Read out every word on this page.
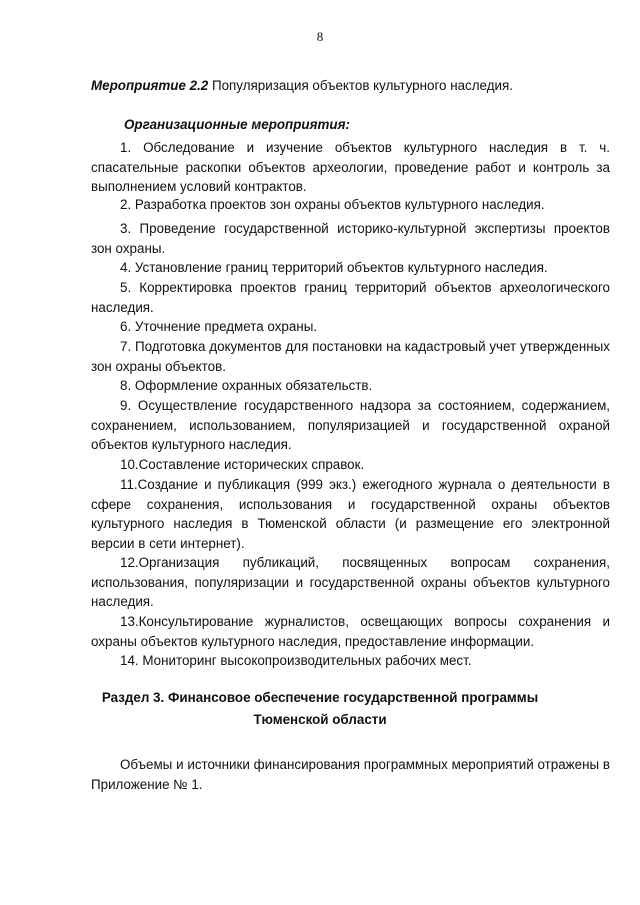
8

Мероприятие 2.2 Популяризация объектов культурного наследия.

Организационные мероприятия:

1. Обследование и изучение объектов культурного наследия в т. ч. спасательные раскопки объектов археологии, проведение работ и контроль за выполнением условий контрактов.

2. Разработка проектов зон охраны объектов культурного наследия.

3. Проведение государственной историко-культурной экспертизы проектов зон охраны.

4. Установление границ территорий объектов культурного наследия.

5. Корректировка проектов границ территорий объектов археологического наследия.

6. Уточнение предмета охраны.

7. Подготовка документов для постановки на кадастровый учет утвержденных зон охраны объектов.

8. Оформление охранных обязательств.

9. Осуществление государственного надзора за состоянием, содержанием, сохранением, использованием, популяризацией и государственной охраной объектов культурного наследия.

10.Составление исторических справок.

11.Создание и публикация (999 экз.) ежегодного журнала о деятельности в сфере сохранения, использования и государственной охраны объектов культурного наследия в Тюменской области (и размещение его электронной версии в сети интернет).

12.Организация публикаций, посвященных вопросам сохранения, использования, популяризации и государственной охраны объектов культурного наследия.

13.Консультирование журналистов, освещающих вопросы сохранения и охраны объектов культурного наследия, предоставление информации.

14. Мониторинг высокопроизводительных рабочих мест.

Раздел 3. Финансовое обеспечение государственной программы
Тюменской области

Объемы и источники финансирования программных мероприятий отражены в Приложение № 1.
